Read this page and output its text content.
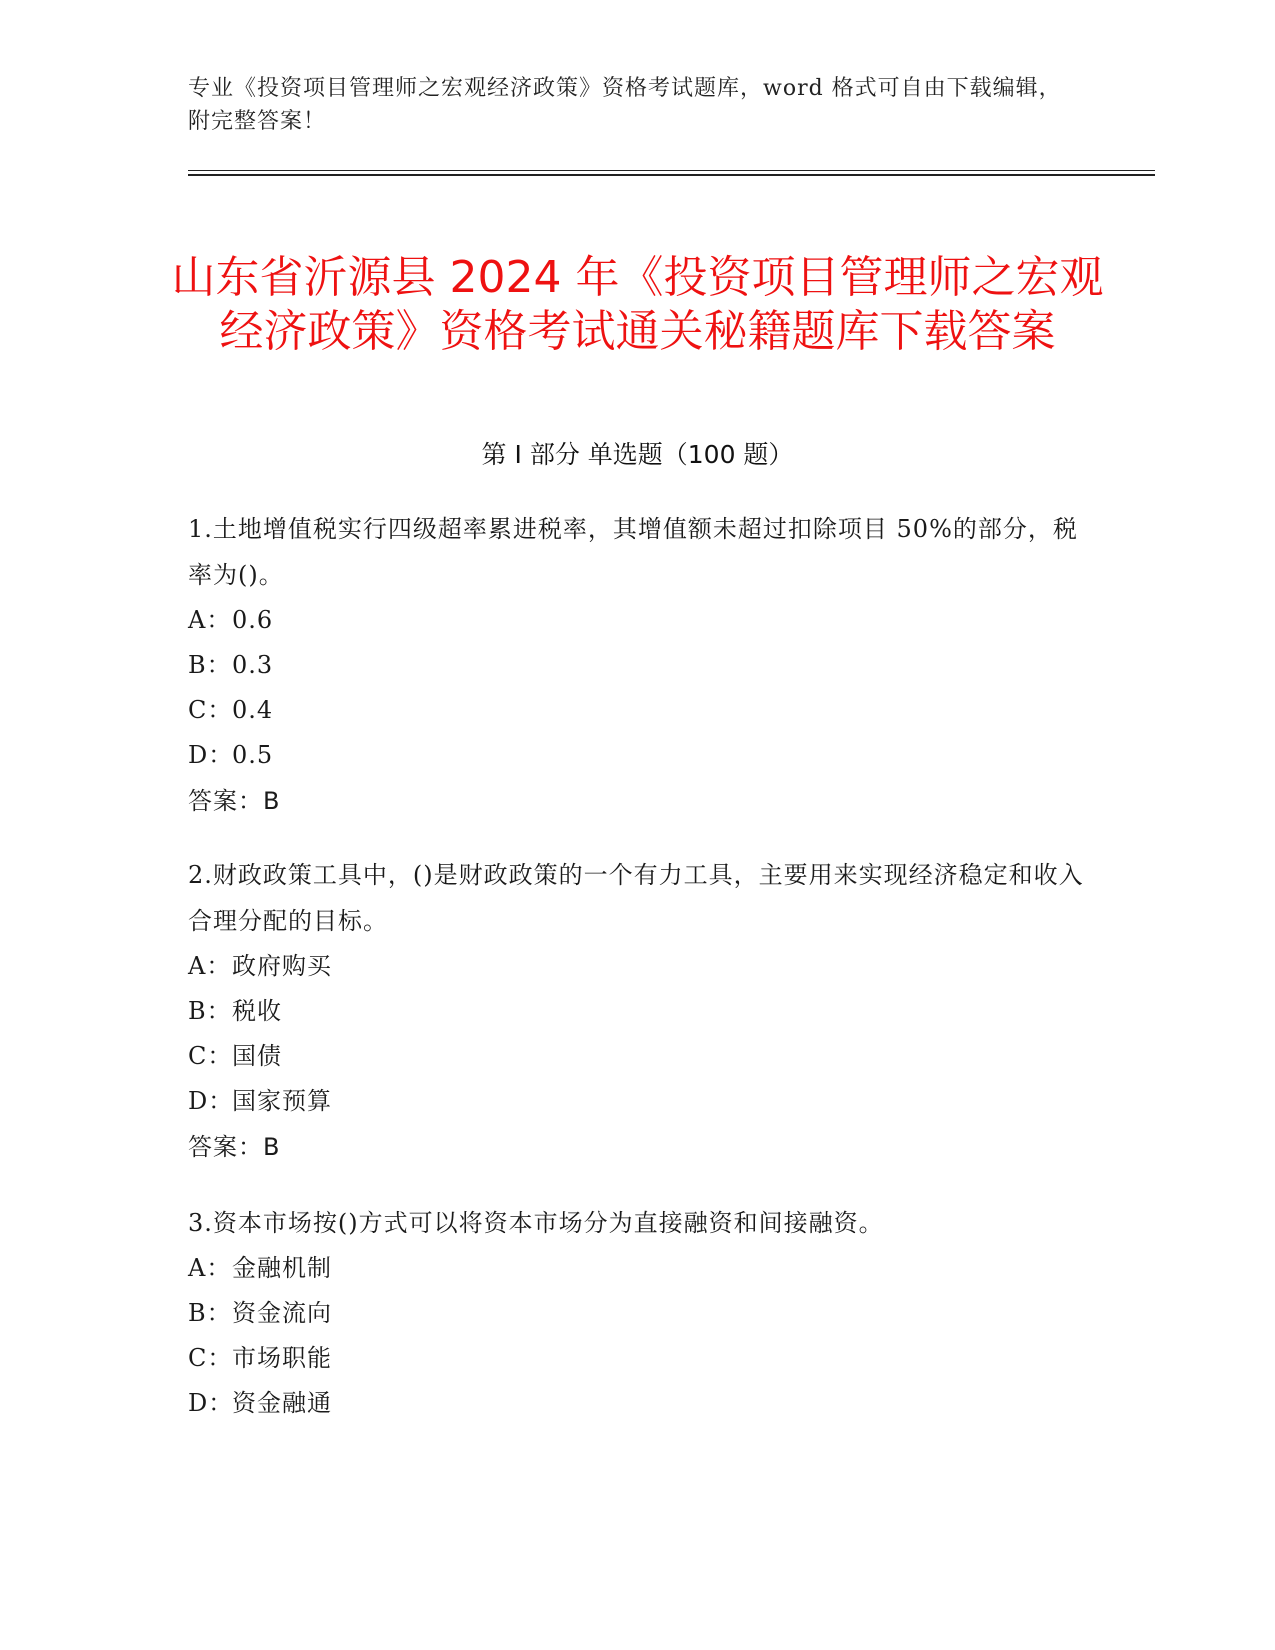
专业《投资项目管理师之宏观经济政策》资格考试题库，word 格式可自由下载编辑，附完整答案！
山东省沂源县 2024 年《投资项目管理师之宏观经济政策》资格考试通关秘籍题库下载答案
第 I 部分 单选题（100 题）
1.土地增值税实行四级超率累进税率，其增值额未超过扣除项目 50%的部分，税率为()。
A：0.6
B：0.3
C：0.4
D：0.5
答案：B
2.财政政策工具中，()是财政政策的一个有力工具，主要用来实现经济稳定和收入合理分配的目标。
A：政府购买
B：税收
C：国债
D：国家预算
答案：B
3.资本市场按()方式可以将资本市场分为直接融资和间接融资。
A：金融机制
B：资金流向
C：市场职能
D：资金融通
